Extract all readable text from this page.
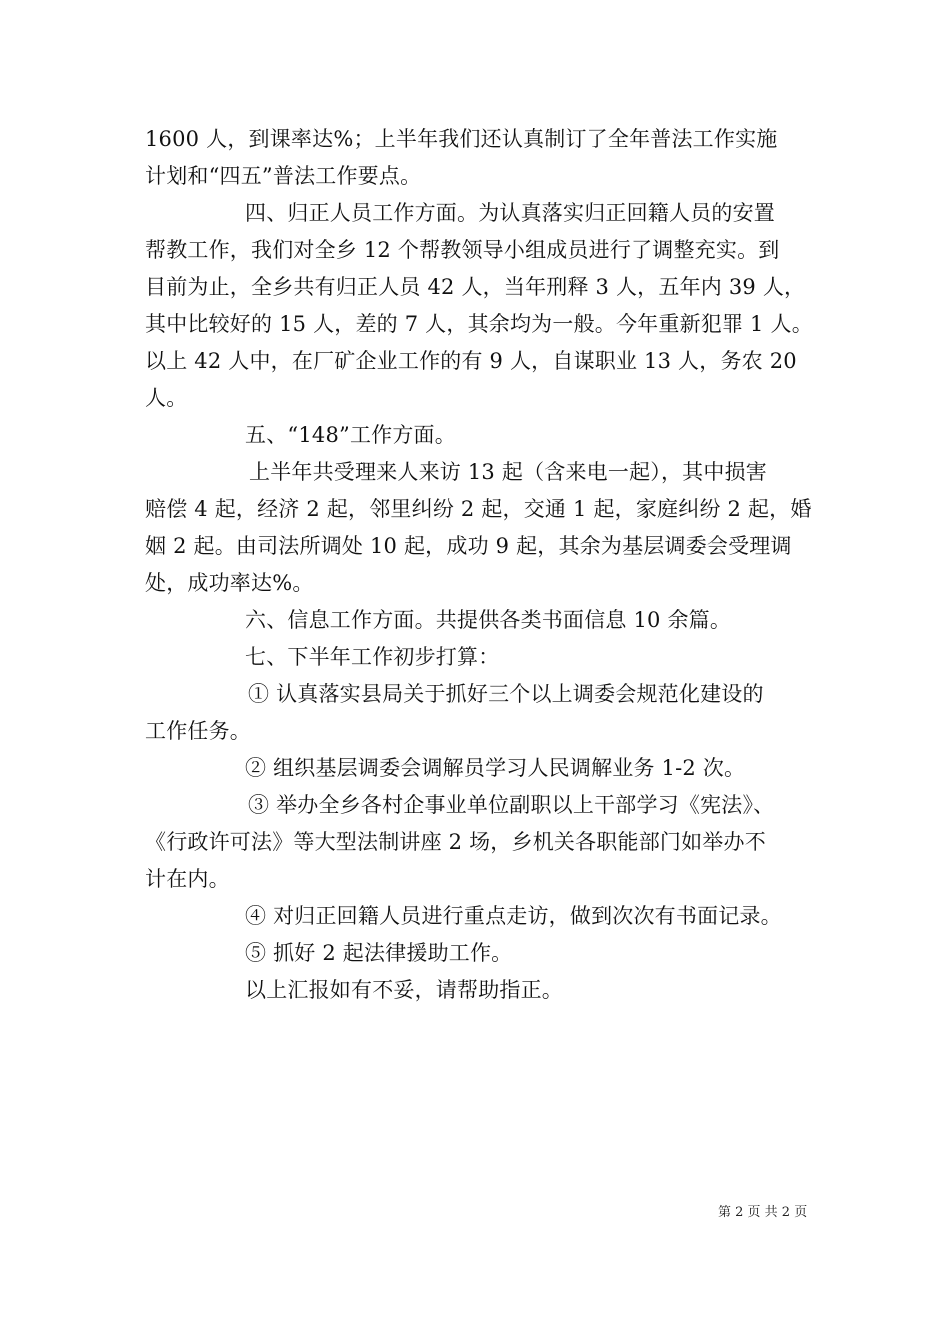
1600 人，到课率达%；上半年我们还认真制订了全年普法工作实施
计划和“四五”普法工作要点。
四、归正人员工作方面。为认真落实归正回籍人员的安置
帮教工作，我们对全乡 12 个帮教领导小组成员进行了调整充实。到
目前为止，全乡共有归正人员 42 人，当年刑释 3 人，五年内 39 人，
其中比较好的 15 人，差的 7 人，其余均为一般。今年重新犯罪 1 人。
以上 42 人中，在厂矿企业工作的有 9 人，自谋职业 13 人，务农 20
人。
五、“148”工作方面。
上半年共受理来人来访 13 起（含来电一起），其中损害
赔偿 4 起，经济 2 起，邻里纠纷 2 起，交通 1 起，家庭纠纷 2 起，婚
姻 2 起。由司法所调处 10 起，成功 9 起，其余为基层调委会受理调
处，成功率达%。
六、信息工作方面。共提供各类书面信息 10 余篇。
七、下半年工作初步打算：
① 认真落实县局关于抓好三个以上调委会规范化建设的
工作任务。
② 组织基层调委会调解员学习人民调解业务 1-2 次。
③ 举办全乡各村企事业单位副职以上干部学习《宪法》、
《行政许可法》等大型法制讲座 2 场，乡机关各职能部门如举办不
计在内。
④ 对归正回籍人员进行重点走访，做到次次有书面记录。
⑤ 抓好 2 起法律援助工作。
以上汇报如有不妥，请帮助指正。
第 2 页 共 2 页
